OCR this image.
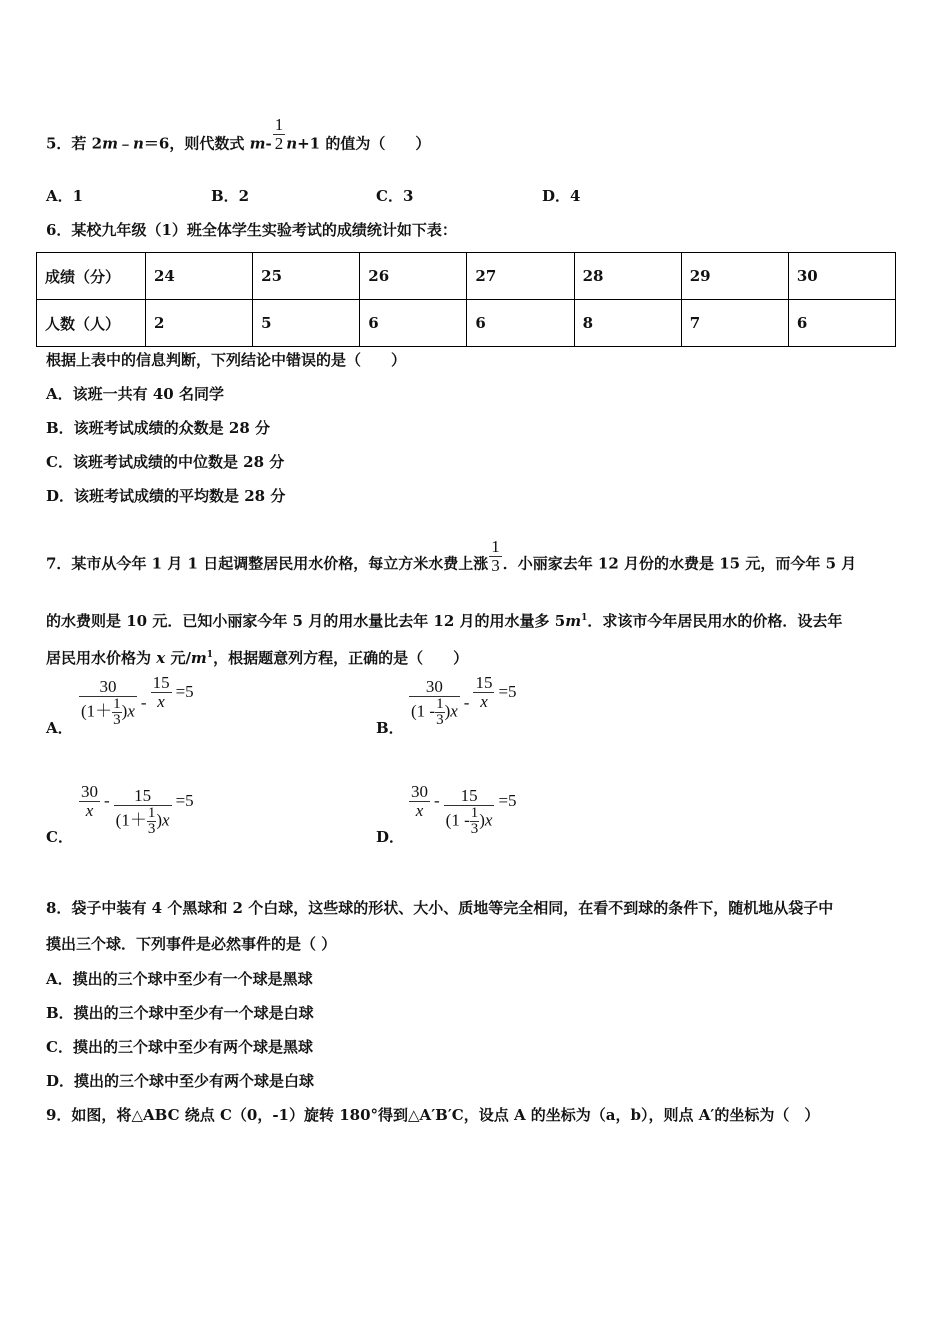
5．若 2m﹣n＝6，则代数式 $m- \frac{1}{2} n+1$ 的值为（　　）
A．1	B．2	C．3	D．4
6．某校九年级（1）班全体学生实验考试的成绩统计如下表：
成绩（分）	24	25	26	27	28	29	30
人数（人）	2	5	6	6	8	7	6
根据上表中的信息判断，下列结论中错误的是（　　）
A．该班一共有 40 名同学
B．该班考试成绩的众数是 28 分
C．该班考试成绩的中位数是 28 分
D．该班考试成绩的平均数是 28 分
7．某市从今年 1 月 1 日起调整居民用水价格，每立方米水费上涨 $\frac{1}{3}$ ．小丽家去年 12 月份的水费是 15 元，而今年 5 月
的水费则是 10 元．已知小丽家今年 5 月的用水量比去年 12 月的用水量多 $5m^1$．求该市今年居民用水的价格．设去年
居民用水价格为 x 元$/m^1$，根据题意列方程，正确的是（　　）
A． $\frac{30}{(1+ \frac{1}{3} )x} - \frac{15}{x} =5$
B． $\frac{30}{(1 - \frac{1}{3} )x} - \frac{15}{x} =5$
C．
$\frac{30}{x} - \frac{15}{(1+ \frac{1}{3} )x} =5$
D．
$\frac{30}{x} - \frac{15}{(1 - \frac{1}{3} )x} =5$
8．袋子中装有 4 个黑球和 2 个白球，这些球的形状、大小、质地等完全相同，在看不到球的条件下，随机地从袋子中
摸出三个球．下列事件是必然事件的是（ ）
A．摸出的三个球中至少有一个球是黑球
B．摸出的三个球中至少有一个球是白球
C．摸出的三个球中至少有两个球是黑球
D．摸出的三个球中至少有两个球是白球
9．如图，将△ABC 绕点 C（0，-1）旋转 180°得到△A′B′C，设点 A 的坐标为（a，b），则点 A′的坐标为（　）
